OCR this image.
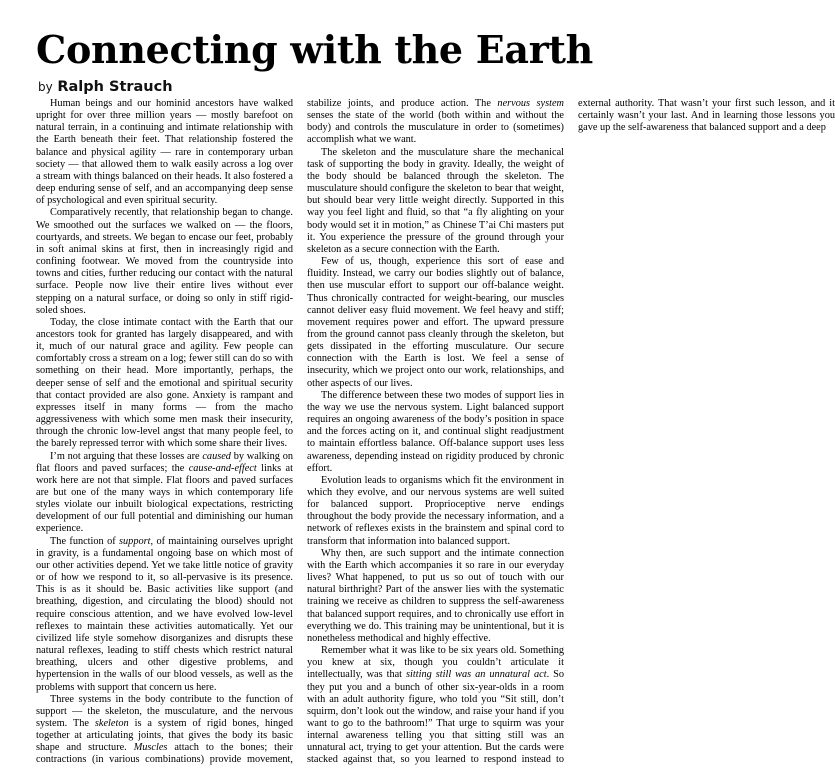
Connecting with the Earth
by Ralph Strauch

Human beings and our hominid ancestors have walked upright for over three million years — mostly barefoot on natural terrain, in a continuing and intimate relationship with the Earth beneath their feet. That relationship fostered the balance and physical agility — rare in contemporary urban society — that allowed them to walk easily across a log over a stream with things balanced on their heads. It also fostered a deep enduring sense of self, and an accompanying deep sense of psychological and even spiritual security.

Comparatively recently, that relationship began to change. We smoothed out the surfaces we walked on — the floors, courtyards, and streets. We began to encase our feet, probably in soft animal skins at first, then in increasingly rigid and confining footwear. We moved from the countryside into towns and cities, further reducing our contact with the natural surface. People now live their entire lives without ever stepping on a natural surface, or doing so only in stiff rigid-soled shoes.

Today, the close intimate contact with the Earth that our ancestors took for granted has largely disappeared, and with it, much of our natural grace and agility. Few people can comfortably cross a stream on a log; fewer still can do so with something on their head. More importantly, perhaps, the deeper sense of self and the emotional and spiritual security that contact provided are also gone. Anxiety is rampant and expresses itself in many forms — from the macho aggressiveness with which some men mask their insecurity, through the chronic low-level angst that many people feel, to the barely repressed terror with which some share their lives.

I’m not arguing that these losses are caused by walking on flat floors and paved surfaces; the cause-and-effect links at work here are not that simple. Flat floors and paved surfaces are but one of the many ways in which contemporary life styles violate our inbuilt biological expectations, restricting development of our full potential and diminishing our human experience.

The function of support, of maintaining ourselves upright in gravity, is a fundamental ongoing base on which most of our other activities depend. Yet we take little notice of gravity or of how we respond to it, so all-pervasive is its presence. This is as it should be. Basic activities like support (and breathing, digestion, and circulating the blood) should not require conscious attention, and we have evolved low-level reflexes to maintain these activities automatically. Yet our civilized life style somehow disorganizes and disrupts these natural reflexes, leading to stiff chests which restrict natural breathing, ulcers and other digestive problems, and hypertension in the walls of our blood vessels, as well as the problems with support that concern us here.

Three systems in the body contribute to the function of support — the skeleton, the musculature, and the nervous system. The skeleton is a system of rigid bones, hinged together at articulating joints, that gives the body its basic shape and structure. Muscles attach to the bones; their contractions (in various combinations) provide movement, stabilize joints, and produce action. The nervous system senses the state of the world (both within and without the body) and controls the musculature in order to (sometimes) accomplish what we want.

The skeleton and the musculature share the mechanical task of supporting the body in gravity. Ideally, the weight of the body should be balanced through the skeleton. The musculature should configure the skeleton to bear that weight, but should bear very little weight directly. Supported in this way you feel light and fluid, so that “a fly alighting on your body would set it in motion,” as Chinese T’ai Chi masters put it. You experience the pressure of the ground through your skeleton as a secure connection with the Earth.

Few of us, though, experience this sort of ease and fluidity. Instead, we carry our bodies slightly out of balance, then use muscular effort to support our off-balance weight. Thus chronically contracted for weight-bearing, our muscles cannot deliver easy fluid movement. We feel heavy and stiff; movement requires power and effort. The upward pressure from the ground cannot pass cleanly through the skeleton, but gets dissipated in the efforting musculature. Our secure connection with the Earth is lost. We feel a sense of insecurity, which we project onto our work, relationships, and other aspects of our lives.

The difference between these two modes of support lies in the way we use the nervous system. Light balanced support requires an ongoing awareness of the body’s position in space and the forces acting on it, and continual slight readjustment to maintain effortless balance. Off-balance support uses less awareness, depending instead on rigidity produced by chronic effort.

Evolution leads to organisms which fit the environment in which they evolve, and our nervous systems are well suited for balanced support. Proprioceptive nerve endings throughout the body provide the necessary information, and a network of reflexes exists in the brainstem and spinal cord to transform that information into balanced support.

Why then, are such support and the intimate connection with the Earth which accompanies it so rare in our everyday lives? What happened, to put us so out of touch with our natural birthright? Part of the answer lies with the systematic training we receive as children to suppress the self-awareness that balanced support requires, and to chronically use effort in everything we do. This training may be unintentional, but it is nonetheless methodical and highly effective.

Remember what it was like to be six years old. Something you knew at six, though you couldn’t articulate it intellectually, was that sitting still was an unnatural act. So they put you and a bunch of other six-year-olds in a room with an adult authority figure, who told you “Sit still, don’t squirm, don’t look out the window, and raise your hand if you want to go to the bathroom!” That urge to squirm was your internal awareness telling you that sitting still was an unnatural act, trying to get your attention. But the cards were stacked against that, so you learned to respond instead to external authority. That wasn’t your first such lesson, and it certainly wasn’t your last. And in learning those lessons you gave up the self-awareness that balanced support and a deep
